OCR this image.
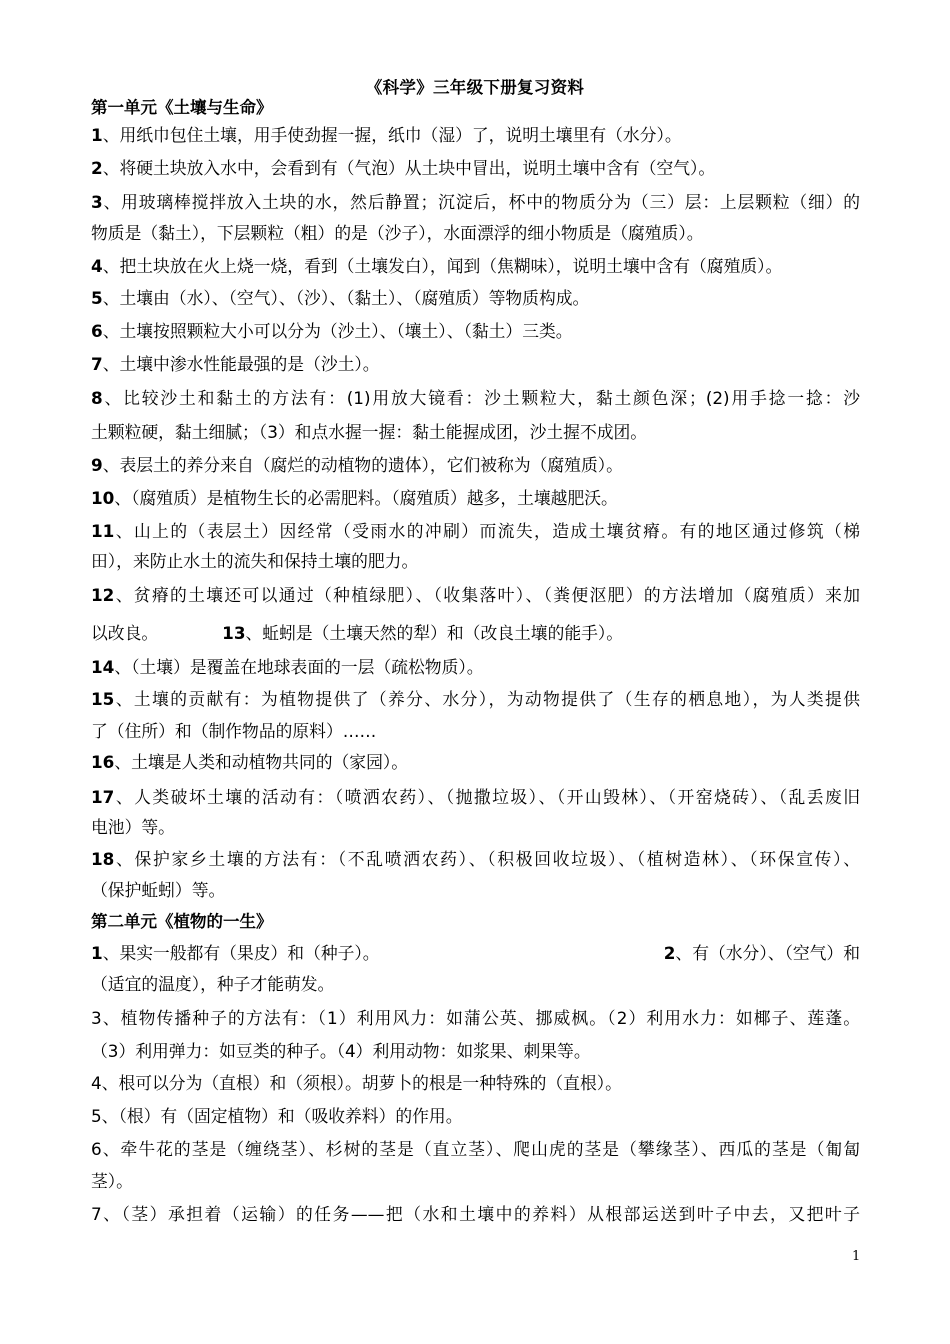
《科学》三年级下册复习资料
第一单元《土壤与生命》
1、用纸巾包住土壤，用手使劲握一握，纸巾（湿）了，说明土壤里有（水分）。
2、将硬土块放入水中，会看到有（气泡）从土块中冒出，说明土壤中含有（空气）。
3、用玻璃棒搅拌放入土块的水，然后静置；沉淀后，杯中的物质分为（三）层：上层颗粒（细）的
物质是（黏土），下层颗粒（粗）的是（沙子），水面漂浮的细小物质是（腐殖质）。
4、把土块放在火上烧一烧，看到（土壤发白），闻到（焦糊味），说明土壤中含有（腐殖质）。
5、土壤由（水）、（空气）、（沙）、（黏土）、（腐殖质）等物质构成。
6、土壤按照颗粒大小可以分为（沙土）、（壤土）、（黏土）三类。
7、土壤中渗水性能最强的是（沙土）。
8、比较沙土和黏土的方法有：(1)用放大镜看：沙土颗粒大，黏土颜色深；(2)用手捻一捻：沙
土颗粒硬，黏土细腻；（3）和点水握一握：黏土能握成团，沙土握不成团。
9、表层土的养分来自（腐烂的动植物的遗体），它们被称为（腐殖质）。
10、（腐殖质）是植物生长的必需肥料。（腐殖质）越多，土壤越肥沃。
11、山上的（表层土）因经常（受雨水的冲刷）而流失，造成土壤贫瘠。有的地区通过修筑（梯
田），来防止水土的流失和保持土壤的肥力。
12、贫瘠的土壤还可以通过（种植绿肥）、（收集落叶）、（粪便沤肥）的方法增加（腐殖质）来加
以改良。	13、蚯蚓是（土壤天然的犁）和（改良土壤的能手）。
14、（土壤）是覆盖在地球表面的一层（疏松物质）。
15、土壤的贡献有：为植物提供了（养分、水分），为动物提供了（生存的栖息地），为人类提供
了（住所）和（制作物品的原料）……
16、土壤是人类和动植物共同的（家园）。
17、人类破坏土壤的活动有：（喷洒农药）、（抛撒垃圾）、（开山毁林）、（开窑烧砖）、（乱丢废旧
电池）等。
18、保护家乡土壤的方法有：（不乱喷洒农药）、（积极回收垃圾）、（植树造林）、（环保宣传）、
（保护蚯蚓）等。
第二单元《植物的一生》
1、果实一般都有（果皮）和（种子）。	2、有（水分）、（空气）和
（适宜的温度），种子才能萌发。
3、植物传播种子的方法有：（1）利用风力：如蒲公英、挪威枫。（2）利用水力：如椰子、莲蓬。
（3）利用弹力：如豆类的种子。（4）利用动物：如浆果、刺果等。
4、根可以分为（直根）和（须根）。胡萝卜的根是一种特殊的（直根）。
5、（根）有（固定植物）和（吸收养料）的作用。
6、牵牛花的茎是（缠绕茎）、杉树的茎是（直立茎）、爬山虎的茎是（攀缘茎）、西瓜的茎是（匍匐
茎）。
7、（茎）承担着（运输）的任务——把（水和土壤中的养料）从根部运送到叶子中去，又把叶子
1
